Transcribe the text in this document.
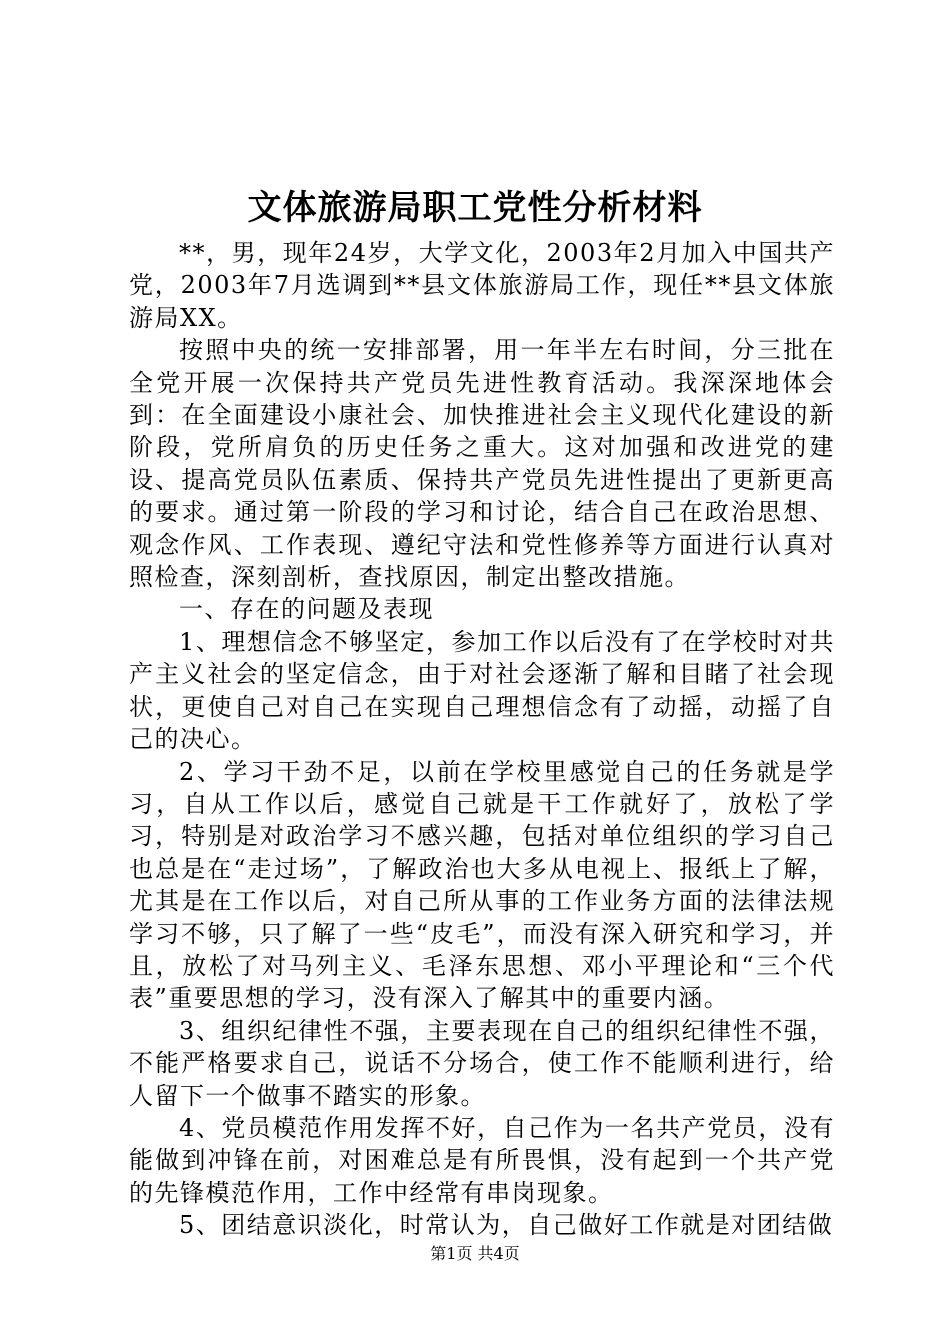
文体旅游局职工党性分析材料

**，男，现年24岁，大学文化，2003年2月加入中国共产党，2003年7月选调到**县文体旅游局工作，现任**县文体旅游局XX。

按照中央的统一安排部署，用一年半左右时间，分三批在全党开展一次保持共产党员先进性教育活动。我深深地体会到：在全面建设小康社会、加快推进社会主义现代化建设的新阶段，党所肩负的历史任务之重大。这对加强和改进党的建设、提高党员队伍素质、保持共产党员先进性提出了更新更高的要求。通过第一阶段的学习和讨论，结合自己在政治思想、观念作风、工作表现、遵纪守法和党性修养等方面进行认真对照检查，深刻剖析，查找原因，制定出整改措施。

一、存在的问题及表现

1、理想信念不够坚定，参加工作以后没有了在学校时对共产主义社会的坚定信念，由于对社会逐渐了解和目睹了社会现状，更使自己对自己在实现自己理想信念有了动摇，动摇了自己的决心。

2、学习干劲不足，以前在学校里感觉自己的任务就是学习，自从工作以后，感觉自己就是干工作就好了，放松了学习，特别是对政治学习不感兴趣，包括对单位组织的学习自己也总是在“走过场”，了解政治也大多从电视上、报纸上了解，尤其是在工作以后，对自己所从事的工作业务方面的法律法规学习不够，只了解了一些“皮毛”，而没有深入研究和学习，并且，放松了对马列主义、毛泽东思想、邓小平理论和“三个代表”重要思想的学习，没有深入了解其中的重要内涵。

3、组织纪律性不强，主要表现在自己的组织纪律性不强，不能严格要求自己，说话不分场合，使工作不能顺利进行，给人留下一个做事不踏实的形象。

4、党员模范作用发挥不好，自己作为一名共产党员，没有能做到冲锋在前，对困难总是有所畏惧，没有起到一个共产党的先锋模范作用，工作中经常有串岗现象。

5、团结意识淡化，时常认为，自己做好工作就是对团结做

第1页 共4页
